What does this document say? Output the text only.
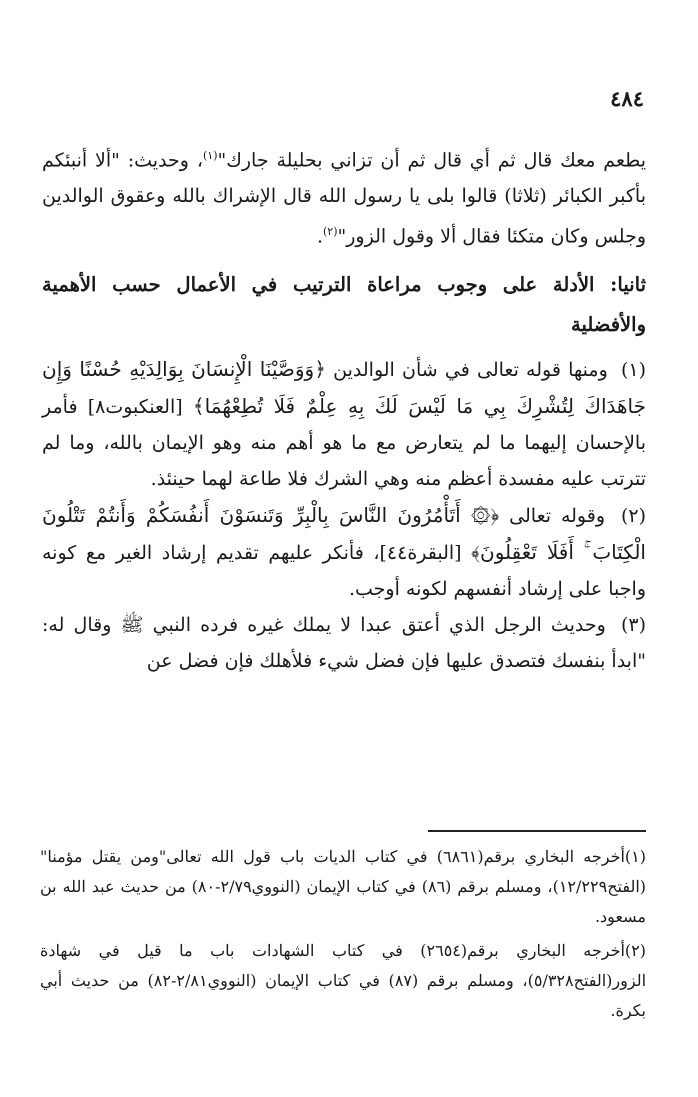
٤٨٤

يطعم معك قال ثم أي قال ثم أن تزاني بحليلة جارك"$^{(١)}$، وحديث: "ألا أنبئكم بأكبر الكبائر (ثلاثا) قالوا بلى يا رسول الله قال الإشراك بالله وعقوق الوالدين وجلس وكان متكئا فقال ألا وقول الزور"$^{(٢)}$.

ثانيا: الأدلة على وجوب مراعاة الترتيب في الأعمال حسب الأهمية والأفضلية

(١) ومنها قوله تعالى في شأن الوالدين ﴿وَوَصَّيْنَا الْإِنسَانَ بِوَالِدَيْهِ حُسْنًا وَإِن جَاهَدَاكَ لِتُشْرِكَ بِي مَا لَيْسَ لَكَ بِهِ عِلْمٌ فَلَا تُطِعْهُمَا﴾ [العنكبوت٨] فأمر بالإحسان إليهما ما لم يتعارض مع ما هو أهم منه وهو الإيمان بالله، وما لم تترتب عليه مفسدة أعظم منه وهي الشرك فلا طاعة لهما حينئذ.

(٢) وقوله تعالى ﴿۞ أَتَأْمُرُونَ النَّاسَ بِالْبِرِّ وَتَنسَوْنَ أَنفُسَكُمْ وَأَنتُمْ تَتْلُونَ الْكِتَابَ ۚ أَفَلَا تَعْقِلُونَ﴾ [البقرة٤٤]، فأنكر عليهم تقديم إرشاد الغير مع كونه واجبا على إرشاد أنفسهم لكونه أوجب.

(٣) وحديث الرجل الذي أعتق عبدا لا يملك غيره فرده النبي ﷺ وقال له: "ابدأ بنفسك فتصدق عليها فإن فضل شيء فلأهلك فإن فضل عن

(١)أخرجه البخاري برقم(٦٨٦١) في كتاب الديات باب قول الله تعالى"ومن يقتل مؤمنا"(الفتح١٢/٢٢٩)، ومسلم برقم (٨٦) في كتاب الإيمان (النووي٢/٧٩-٨٠) من حديث عبد الله بن مسعود.

(٢)أخرجه البخاري برقم(٢٦٥٤) في كتاب الشهادات باب ما قيل في شهادة الزور(الفتح٥/٣٢٨)، ومسلم برقم (٨٧) في كتاب الإيمان (النووي٢/٨١-٨٢) من حديث أبي بكرة.
